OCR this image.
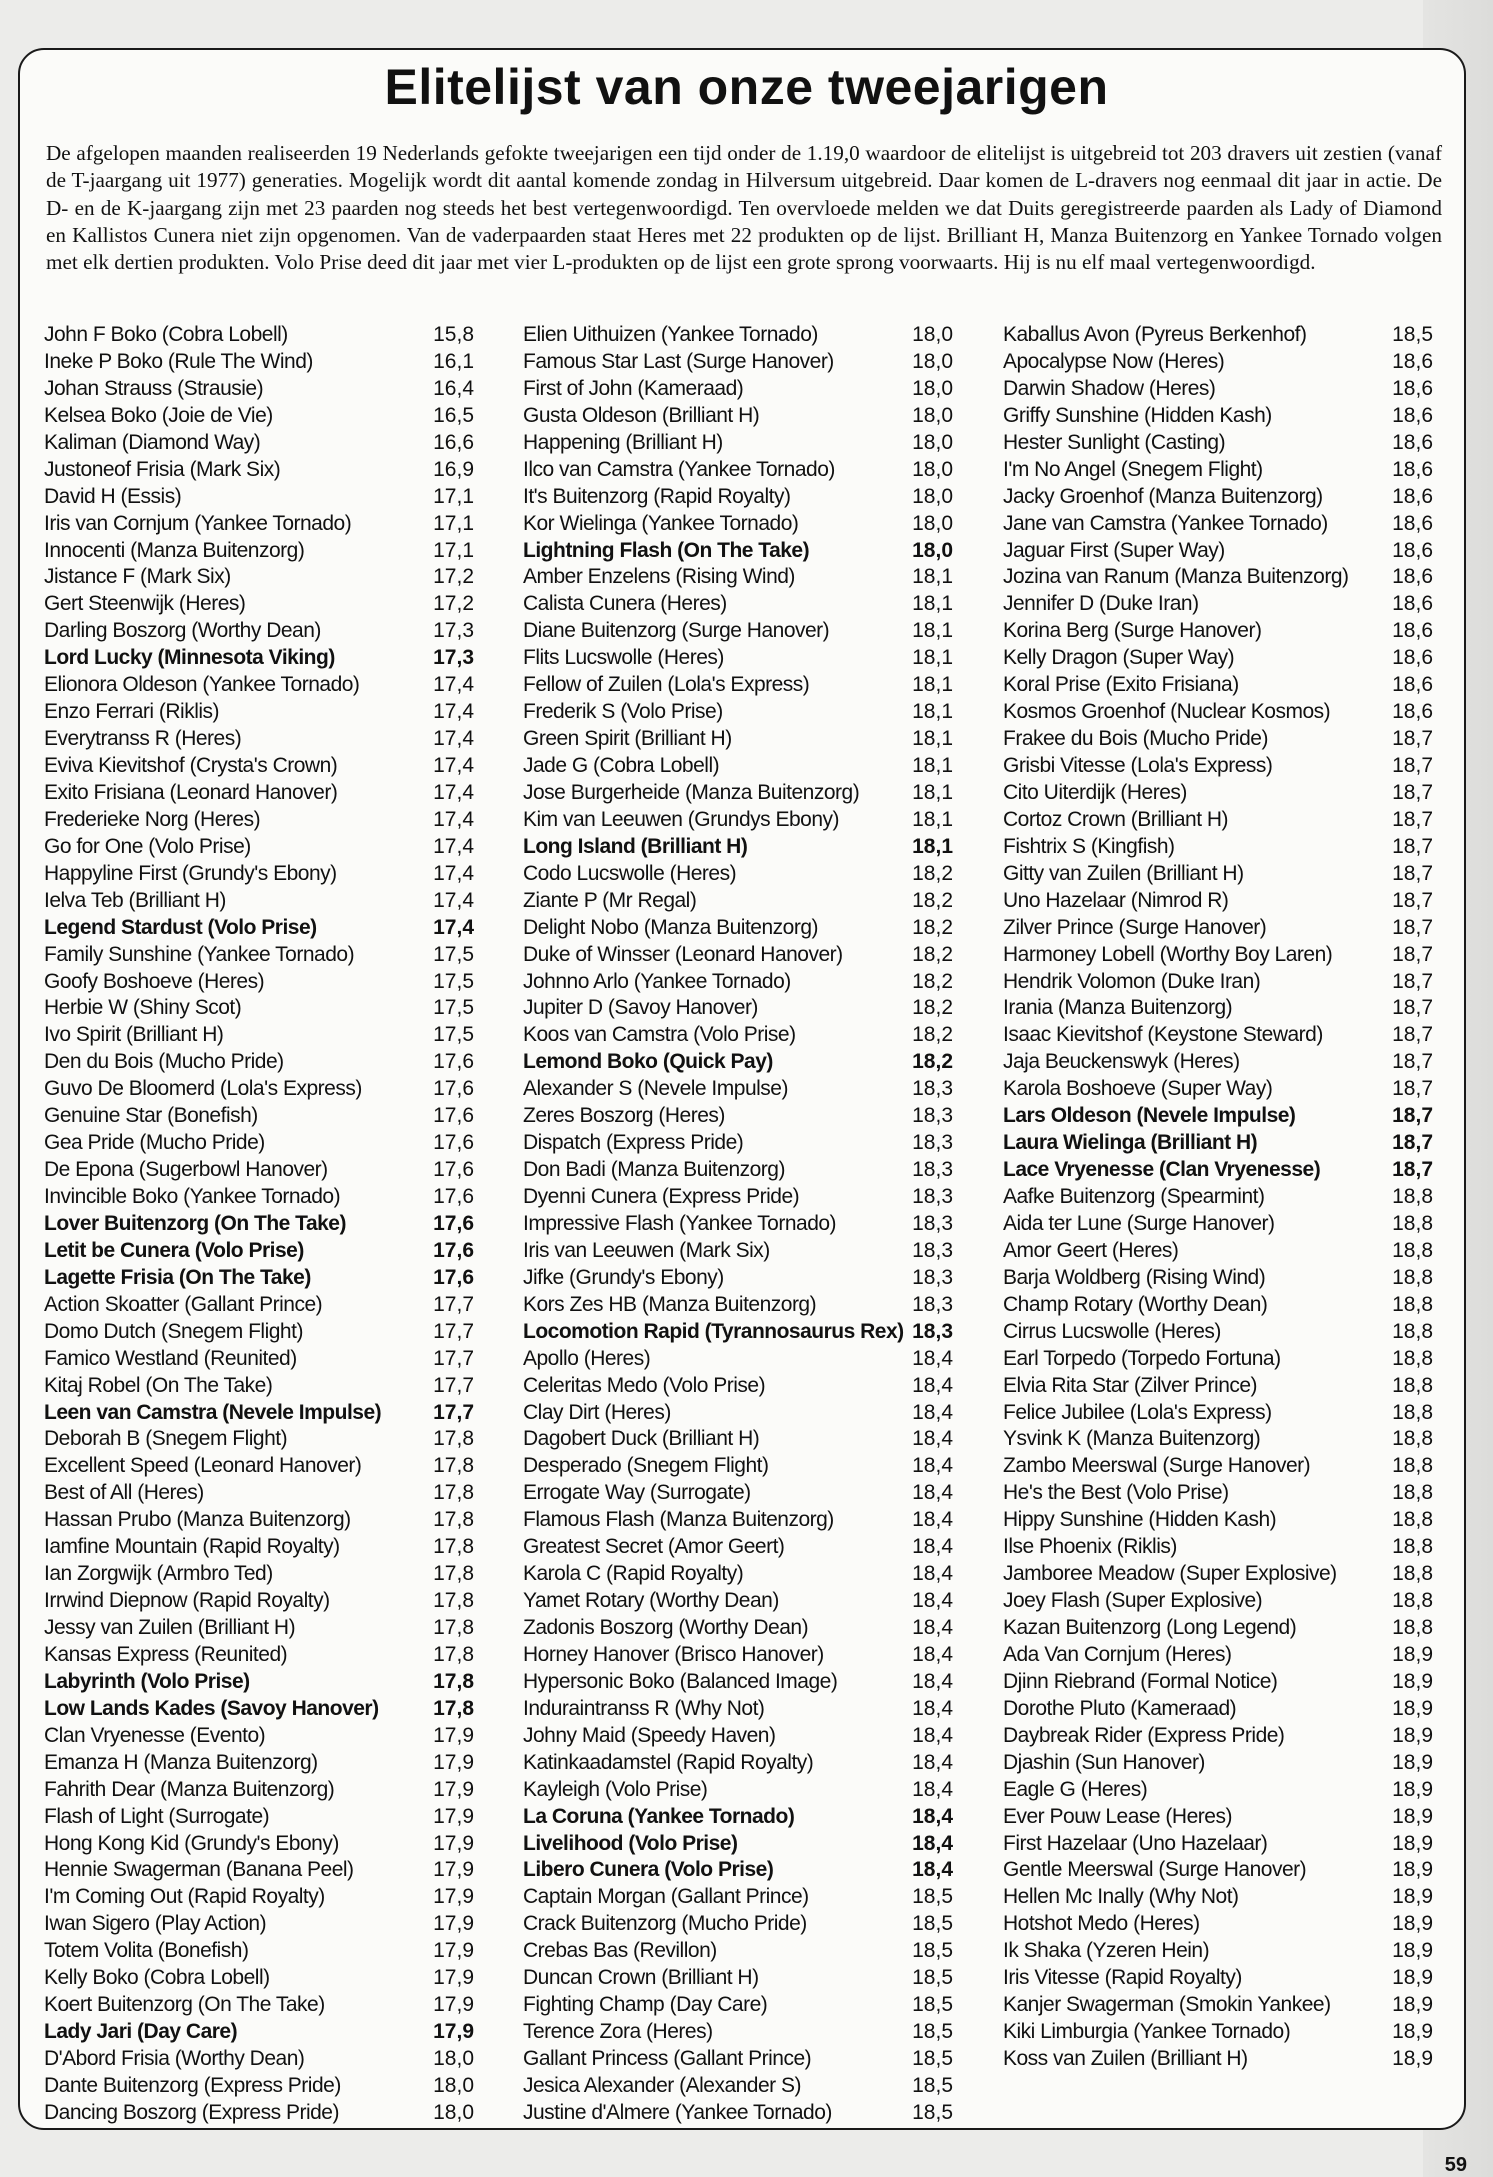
Elitelijst van onze tweejarigen

De afgelopen maanden realiseerden 19 Nederlands gefokte tweejarigen een tijd onder de 1.19,0 waardoor de elitelijst is uitgebreid tot 203 dravers uit zestien (vanaf de T-jaargang uit 1977) generaties. Mogelijk wordt dit aantal komende zondag in Hilversum uitgebreid. Daar komen de L-dravers nog eenmaal dit jaar in actie. De D- en de K-jaargang zijn met 23 paarden nog steeds het best vertegenwoordigd. Ten overvloede melden we dat Duits geregistreerde paarden als Lady of Diamond en Kallistos Cunera niet zijn opgenomen. Van de vaderpaarden staat Heres met 22 produkten op de lijst. Brilliant H, Manza Buitenzorg en Yankee Tornado volgen met elk dertien produkten. Volo Prise deed dit jaar met vier L-produkten op de lijst een grote sprong voorwaarts. Hij is nu elf maal vertegenwoordigd.

John F Boko (Cobra Lobell)	15,8
Ineke P Boko (Rule The Wind)	16,1
Johan Strauss (Strausie)	16,4
Kelsea Boko (Joie de Vie)	16,5
Kaliman (Diamond Way)	16,6
Justoneof Frisia (Mark Six)	16,9
David H (Essis)	17,1
Iris van Cornjum (Yankee Tornado)	17,1
Innocenti (Manza Buitenzorg)	17,1
Jistance F (Mark Six)	17,2
Gert Steenwijk (Heres)	17,2
Darling Boszorg (Worthy Dean)	17,3
Lord Lucky (Minnesota Viking)	17,3
Elionora Oldeson (Yankee Tornado)	17,4
Enzo Ferrari (Riklis)	17,4
Everytranss R (Heres)	17,4
Eviva Kievitshof (Crysta's Crown)	17,4
Exito Frisiana (Leonard Hanover)	17,4
Frederieke Norg (Heres)	17,4
Go for One (Volo Prise)	17,4
Happyline First (Grundy's Ebony)	17,4
Ielva Teb (Brilliant H)	17,4
Legend Stardust (Volo Prise)	17,4
Family Sunshine (Yankee Tornado)	17,5
Goofy Boshoeve (Heres)	17,5
Herbie W (Shiny Scot)	17,5
Ivo Spirit (Brilliant H)	17,5
Den du Bois (Mucho Pride)	17,6
Guvo De Bloomerd (Lola's Express)	17,6
Genuine Star (Bonefish)	17,6
Gea Pride (Mucho Pride)	17,6
De Epona (Sugerbowl Hanover)	17,6
Invincible Boko (Yankee Tornado)	17,6
Lover Buitenzorg (On The Take)	17,6
Letit be Cunera (Volo Prise)	17,6
Lagette Frisia (On The Take)	17,6
Action Skoatter (Gallant Prince)	17,7
Domo Dutch (Snegem Flight)	17,7
Famico Westland (Reunited)	17,7
Kitaj Robel (On The Take)	17,7
Leen van Camstra (Nevele Impulse) 17,7
Deborah B (Snegem Flight)	17,8
Excellent Speed (Leonard Hanover)	17,8
Best of All (Heres)	17,8
Hassan Prubo (Manza Buitenzorg)	17,8
Iamfine Mountain (Rapid Royalty)	17,8
Ian Zorgwijk (Armbro Ted)	17,8
Irrwind Diepnow (Rapid Royalty)	17,8
Jessy van Zuilen (Brilliant H)	17,8
Kansas Express (Reunited)	17,8
Labyrinth (Volo Prise)	17,8
Low Lands Kades (Savoy Hanover)	17,8
Clan Vryenesse (Evento)	17,9
Emanza H (Manza Buitenzorg)	17,9
Fahrith Dear (Manza Buitenzorg)	17,9
Flash of Light (Surrogate)	17,9
Hong Kong Kid (Grundy's Ebony)	17,9
Hennie Swagerman (Banana Peel)	17,9
I'm Coming Out (Rapid Royalty)	17,9
Iwan Sigero (Play Action)	17,9
Totem Volita (Bonefish)	17,9
Kelly Boko (Cobra Lobell)	17,9
Koert Buitenzorg (On The Take)	17,9
Lady Jari (Day Care)	17,9
D'Abord Frisia (Worthy Dean)	18,0
Dante Buitenzorg (Express Pride)	18,0
Dancing Boszorg (Express Pride)	18,0
Elien Uithuizen (Yankee Tornado)	18,0
Famous Star Last (Surge Hanover)	18,0
First of John (Kameraad)	18,0
Gusta Oldeson (Brilliant H)	18,0
Happening (Brilliant H)	18,0
Ilco van Camstra (Yankee Tornado)	18,0
It's Buitenzorg (Rapid Royalty)	18,0
Kor Wielinga (Yankee Tornado)	18,0
Lightning Flash (On The Take)	18,0
Amber Enzelens (Rising Wind)	18,1
Calista Cunera (Heres)	18,1
Diane Buitenzorg (Surge Hanover)	18,1
Flits Lucswolle (Heres)	18,1
Fellow of Zuilen (Lola's Express)	18,1
Frederik S (Volo Prise)	18,1
Green Spirit (Brilliant H)	18,1
Jade G (Cobra Lobell)	18,1
Jose Burgerheide (Manza Buitenzorg)	18,1
Kim van Leeuwen (Grundys Ebony)	18,1
Long Island (Brilliant H)	18,1
Codo Lucswolle (Heres)	18,2
Ziante P (Mr Regal)	18,2
Delight Nobo (Manza Buitenzorg)	18,2
Duke of Winsser (Leonard Hanover)	18,2
Johnno Arlo (Yankee Tornado)	18,2
Jupiter D (Savoy Hanover)	18,2
Koos van Camstra (Volo Prise)	18,2
Lemond Boko (Quick Pay)	18,2
Alexander S (Nevele Impulse)	18,3
Zeres Boszorg (Heres)	18,3
Dispatch (Express Pride)	18,3
Don Badi (Manza Buitenzorg)	18,3
Dyenni Cunera (Express Pride)	18,3
Impressive Flash (Yankee Tornado)	18,3
Iris van Leeuwen (Mark Six)	18,3
Jifke (Grundy's Ebony)	18,3
Kors Zes HB (Manza Buitenzorg)	18,3
Locomotion Rapid (Tyrannosaurus Rex) 18,3
Apollo (Heres)	18,4
Celeritas Medo (Volo Prise)	18,4
Clay Dirt (Heres)	18,4
Dagobert Duck (Brilliant H)	18,4
Desperado (Snegem Flight)	18,4
Errogate Way (Surrogate)	18,4
Flamous Flash (Manza Buitenzorg)	18,4
Greatest Secret (Amor Geert)	18,4
Karola C (Rapid Royalty)	18,4
Yamet Rotary (Worthy Dean)	18,4
Zadonis Boszorg (Worthy Dean)	18,4
Horney Hanover (Brisco Hanover)	18,4
Hypersonic Boko (Balanced Image)	18,4
Induraintranss R (Why Not)	18,4
Johny Maid (Speedy Haven)	18,4
Katinkaadamstel (Rapid Royalty)	18,4
Kayleigh (Volo Prise)	18,4
La Coruna (Yankee Tornado)	18,4
Livelihood (Volo Prise)	18,4
Libero Cunera (Volo Prise)	18,4
Captain Morgan (Gallant Prince)	18,5
Crack Buitenzorg (Mucho Pride)	18,5
Crebas Bas (Revillon)	18,5
Duncan Crown (Brilliant H)	18,5
Fighting Champ (Day Care)	18,5
Terence Zora (Heres)	18,5
Gallant Princess (Gallant Prince)	18,5
Jesica Alexander (Alexander S)	18,5
Justine d'Almere (Yankee Tornado)	18,5
Kaballus Avon (Pyreus Berkenhof)	18,5
Apocalypse Now (Heres)	18,6
Darwin Shadow (Heres)	18,6
Griffy Sunshine (Hidden Kash)	18,6
Hester Sunlight (Casting)	18,6
I'm No Angel (Snegem Flight)	18,6
Jacky Groenhof (Manza Buitenzorg)	18,6
Jane van Camstra (Yankee Tornado)	18,6
Jaguar First (Super Way)	18,6
Jozina van Ranum (Manza Buitenzorg) 18,6
Jennifer D (Duke Iran)	18,6
Korina Berg (Surge Hanover)	18,6
Kelly Dragon (Super Way)	18,6
Koral Prise (Exito Frisiana)	18,6
Kosmos Groenhof (Nuclear Kosmos)	18,6
Frakee du Bois (Mucho Pride)	18,7
Grisbi Vitesse (Lola's Express)	18,7
Cito Uiterdijk (Heres)	18,7
Cortoz Crown (Brilliant H)	18,7
Fishtrix S (Kingfish)	18,7
Gitty van Zuilen (Brilliant H)	18,7
Uno Hazelaar (Nimrod R)	18,7
Zilver Prince (Surge Hanover)	18,7
Harmoney Lobell (Worthy Boy Laren)	18,7
Hendrik Volomon (Duke Iran)	18,7
Irania (Manza Buitenzorg)	18,7
Isaac Kievitshof (Keystone Steward)	18,7
Jaja Beuckenswyk (Heres)	18,7
Karola Boshoeve (Super Way)	18,7
Lars Oldeson (Nevele Impulse)	18,7
Laura Wielinga (Brilliant H)	18,7
Lace Vryenesse (Clan Vryenesse)	18,7
Aafke Buitenzorg (Spearmint)	18,8
Aida ter Lune (Surge Hanover)	18,8
Amor Geert (Heres)	18,8
Barja Woldberg (Rising Wind)	18,8
Champ Rotary (Worthy Dean)	18,8
Cirrus Lucswolle (Heres)	18,8
Earl Torpedo (Torpedo Fortuna)	18,8
Elvia Rita Star (Zilver Prince)	18,8
Felice Jubilee (Lola's Express)	18,8
Ysvink K (Manza Buitenzorg)	18,8
Zambo Meerswal (Surge Hanover)	18,8
He's the Best (Volo Prise)	18,8
Hippy Sunshine (Hidden Kash)	18,8
Ilse Phoenix (Riklis)	18,8
Jamboree Meadow (Super Explosive)	18,8
Joey Flash (Super Explosive)	18,8
Kazan Buitenzorg (Long Legend)	18,8
Ada Van Cornjum (Heres)	18,9
Djinn Riebrand (Formal Notice)	18,9
Dorothe Pluto (Kameraad)	18,9
Daybreak Rider (Express Pride)	18,9
Djashin (Sun Hanover)	18,9
Eagle G (Heres)	18,9
Ever Pouw Lease (Heres)	18,9
First Hazelaar (Uno Hazelaar)	18,9
Gentle Meerswal (Surge Hanover)	18,9
Hellen Mc Inally (Why Not)	18,9
Hotshot Medo (Heres)	18,9
Ik Shaka (Yzeren Hein)	18,9
Iris Vitesse (Rapid Royalty)	18,9
Kanjer Swagerman (Smokin Yankee)	18,9
Kiki Limburgia (Yankee Tornado)	18,9
Koss van Zuilen (Brilliant H)	18,9
59
